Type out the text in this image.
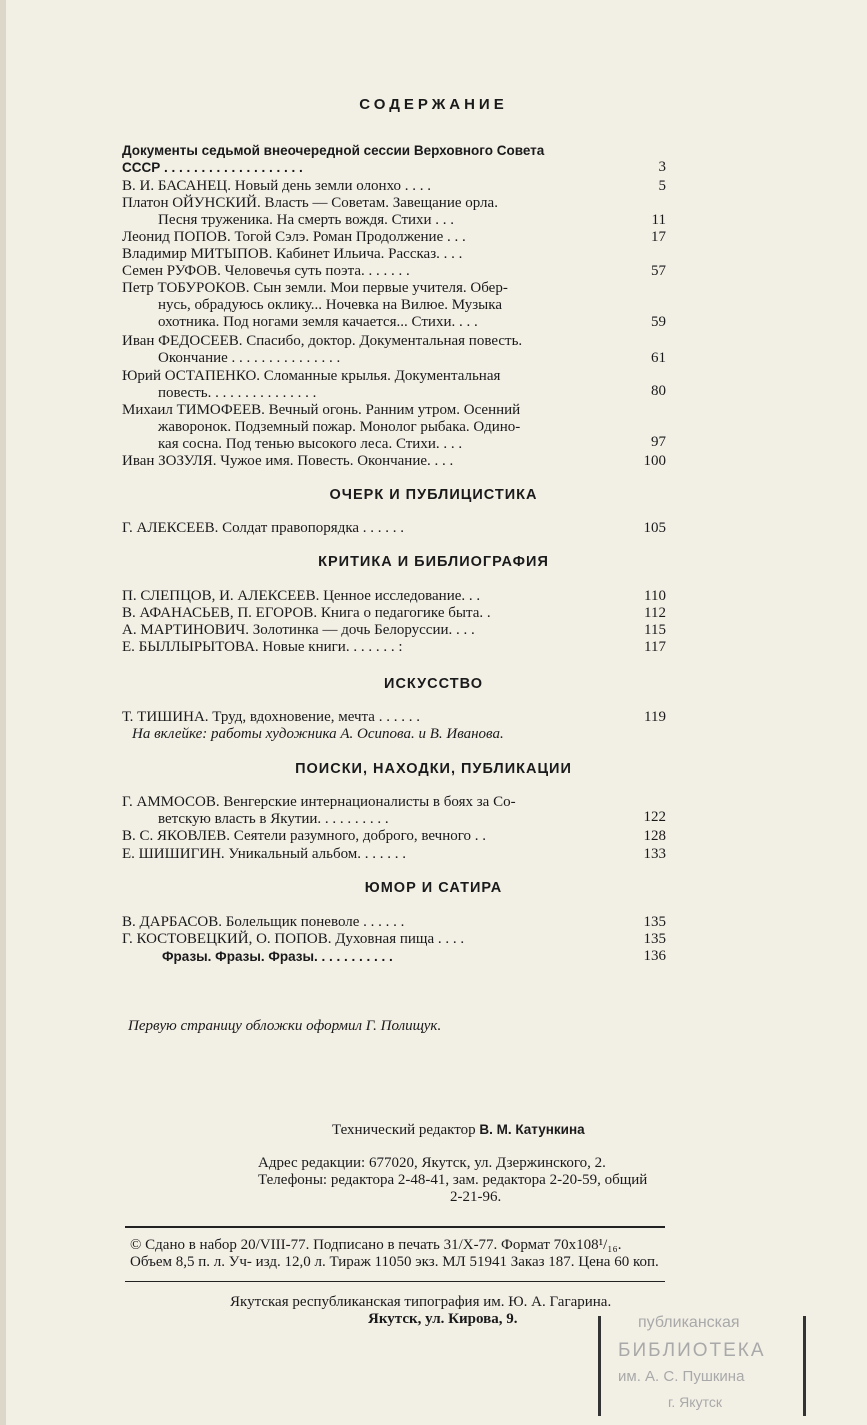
СОДЕРЖАНИЕ
Документы седьмой внеочередной сессии Верховного Совета
СССР . . . . . . . . . . . . . . . . . . .	3
В. И. БАСАНЕЦ. Новый день земли олонхо . . . .	5
Платон ОЙУНСКИЙ. Власть — Советам. Завещание орла.
Песня труженика. На смерть вождя. Стихи . . .	11
Леонид ПОПОВ. Тогой Сэлэ. Роман Продолжение . . .	17
Владимир МИТЫПОВ. Кабинет Ильича. Рассказ. . . .
Семен РУФОВ. Человечья суть поэта. . . . . . .	57
Петр ТОБУРОКОВ. Сын земли. Мои первые учителя. Обер-
нусь, обрадуюсь оклику... Ночевка на Вилюе. Музыка
охотника. Под ногами земля качается... Стихи. . . .	59
Иван ФЕДОСЕЕВ. Спасибо, доктор. Документальная повесть.
Окончание . . . . . . . . . . . . . . .	61
Юрий ОСТАПЕНКО. Сломанные крылья. Документальная
повесть. . . . . . . . . . . . . . .	80
Михаил ТИМОФЕЕВ. Вечный огонь. Ранним утром. Осенний
жаворонок. Подземный пожар. Монолог рыбака. Одино-
кая сосна. Под тенью высокого леса. Стихи. . . .	97
Иван ЗОЗУЛЯ. Чужое имя. Повесть. Окончание. . . .	100
ОЧЕРК И ПУБЛИЦИСТИКА
Г. АЛЕКСЕЕВ. Солдат правопорядка . . . . . .	105
КРИТИКА И БИБЛИОГРАФИЯ
П. СЛЕПЦОВ, И. АЛЕКСЕЕВ. Ценное исследование. . .	110
В. АФАНАСЬЕВ, П. ЕГОРОВ. Книга о педагогике быта. .	112
А. МАРТИНОВИЧ. Золотинка — дочь Белоруссии. . . .	115
Е. БЫЛЛЫРЫТОВА. Новые книги. . . . . . . :	117
ИСКУССТВО
Т. ТИШИНА. Труд, вдохновение, мечта . . . . . .	119
На вклейке: работы художника А. Осипова. и В. Иванова.
ПОИСКИ, НАХОДКИ, ПУБЛИКАЦИИ
Г. АММОСОВ. Венгерские интернационалисты в боях за Со-
ветскую власть в Якутии. . . . . . . . . .	122
В. С. ЯКОВЛЕВ. Сеятели разумного, доброго, вечного . .	128
Е. ШИШИГИН. Уникальный альбом. . . . . . .	133
ЮМОР И САТИРА
В. ДАРБАСОВ. Болельщик поневоле . . . . . .	135
Г. КОСТОВЕЦКИЙ, О. ПОПОВ. Духовная пища . . . .	135
Фразы. Фразы. Фразы. . . . . . . . . . .	136
Первую страницу обложки оформил Г. Полищук.
Технический редактор В. М. Катункина
Адрес редакции: 677020, Якутск, ул. Дзержинского, 2.
Телефоны: редактора 2-48-41, зам. редактора 2-20-59, общий
2-21-96.
© Сдано в набор 20/VIII-77. Подписано в печать 31/Х-77. Формат 70x108¹/₁₆.
Объем 8,5 п. л. Уч- изд. 12,0 л. Тираж 11050 экз. МЛ 51941 Заказ 187. Цена 60 коп.
Якутская республиканская типография им. Ю. А. Гагарина.
Якутск, ул. Кирова, 9.	публиканская
БИБЛИОТЕКА
им. А. С. Пушкина
г. Якутск
